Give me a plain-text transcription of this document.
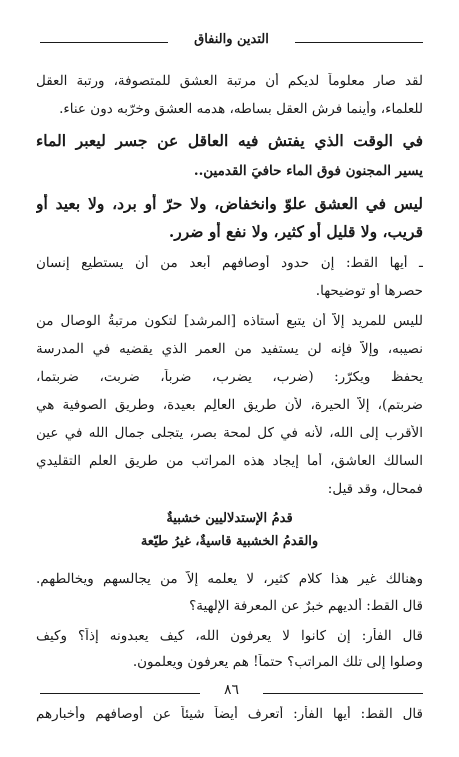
التدين والنفاق
لقد صار معلوماً لديكم أن مرتبة العشق للمتصوفة، ورتبة العقل
للعلماء، وأينما فرش العقل بساطه، هدمه العشق وخرّبه دون عناء.
في الوقت الذي يفتش فيه العاقل عن جسرٍ ليعبر الماء
يسير المجنون فوق الماء حافيَ القدمين..
ليس في العشق علوّ وانخفاض، ولا حرّ أو برد، ولا بعيد أو
قريب، ولا قليل أو كثير، ولا نفع أو ضرر.
ـ أيها القط: إن حدود أوصافهم أبعد من أن يستطيع إنسان
حصرها أو توضيحها.
لليس للمريد إلاّ أن يتبع أستاذه [المرشد] لتكون مرتبةُ الوصال من
نصيبه، وإلاّ فإنه لن يستفيد من العمر الذي يقضيه في المدرسة
يحفظ ويكرّر: (ضرب، يضرب، ضرباً، ضربت، ضربتما،
ضربتم)، إلاّ الحيرة، لأن طريق العالِم بعيدة، وطريق الصوفية هي
الأقرب إلى الله، لأنه في كل لمحة بصر، يتجلى جمال الله في عين
السالك العاشق، أما إيجاد هذه المراتب من طريق العلم التقليدي
فمحال، وقد قيل:
قدمُ الإستدلاليين خشبيةٌ
والقدمُ الخشبية قاسيةٌ، غيرُ طيّعة
وهنالك غير هذا كلام كثير، لا يعلمه إلاّ من يجالسهم ويخالطهم.
قال القط: ألديهم خبرٌ عن المعرفة الإلهية؟
قال الفأر: إن كانوا لا يعرفون الله، كيف يعبدونه إذاً؟ وكيف
وصلوا إلى تلك المراتب؟ حتماً! هم يعرفون ويعلمون.
قال القط: أيها الفأر: أتعرف أيضاً شيئاً عن أوصافهم وأخبارهم
٨٦
